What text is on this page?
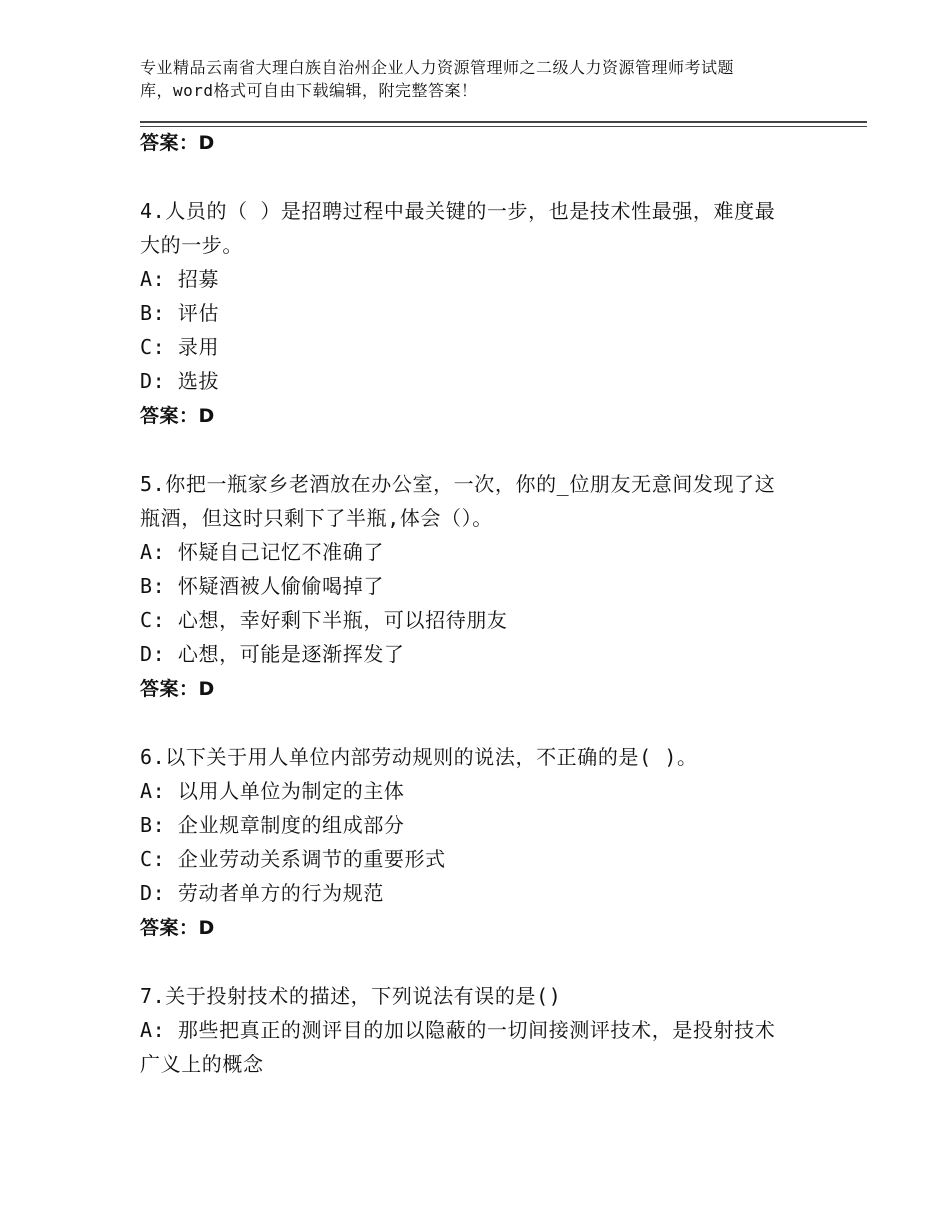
专业精品云南省大理白族自治州企业人力资源管理师之二级人力资源管理师考试题
库，word格式可自由下载编辑，附完整答案！
答案：D
4.人员的（ ）是招聘过程中最关键的一步，也是技术性最强，难度最
大的一步。
A: 招募
B: 评估
C: 录用
D: 选拔
答案：D
5.你把一瓶家乡老酒放在办公室，一次，你的_位朋友无意间发现了这
瓶酒，但这时只剩下了半瓶,体会（）。
A: 怀疑自己记忆不准确了
B: 怀疑酒被人偷偷喝掉了
C: 心想，幸好剩下半瓶，可以招待朋友
D: 心想，可能是逐渐挥发了
答案：D
6.以下关于用人单位内部劳动规则的说法，不正确的是( )。
A: 以用人单位为制定的主体
B: 企业规章制度的组成部分
C: 企业劳动关系调节的重要形式
D: 劳动者单方的行为规范
答案：D
7.关于投射技术的描述，下列说法有误的是()
A: 那些把真正的测评目的加以隐蔽的一切间接测评技术，是投射技术
广义上的概念
